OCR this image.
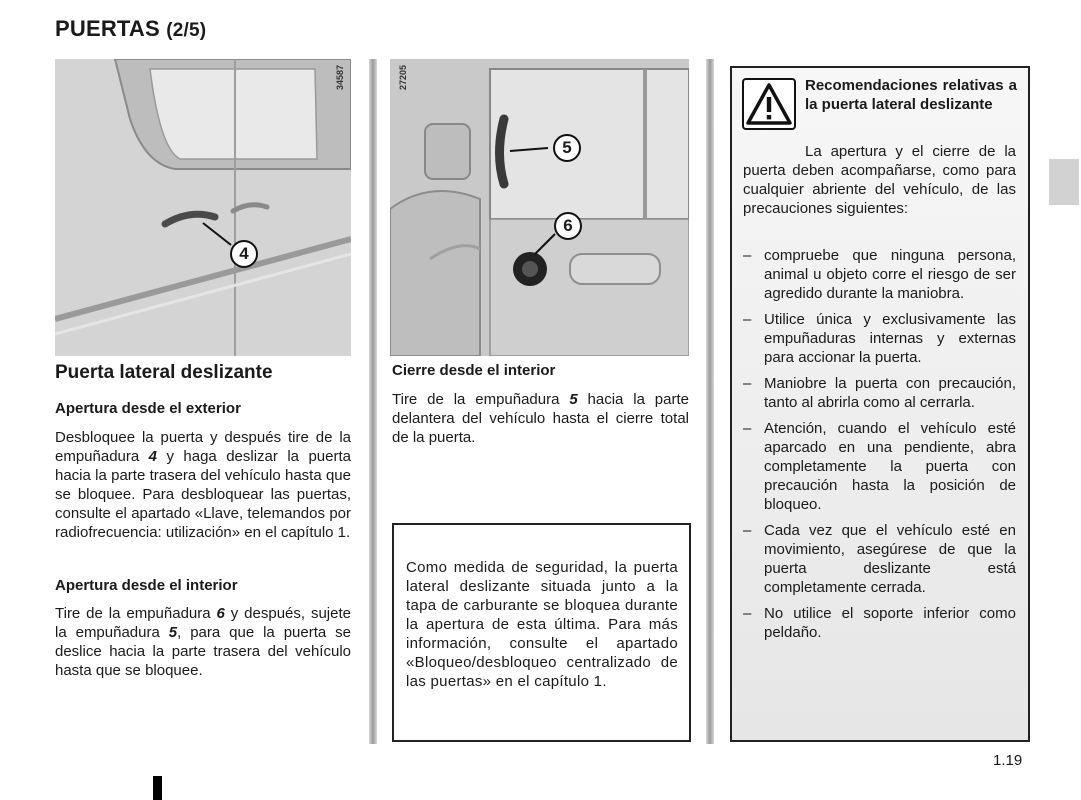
PUERTAS (2/5)
34587
4
27205
5
6
Puerta lateral deslizante
Apertura desde el exterior
Desbloquee la puerta y después tire de la empuñadura 4 y haga deslizar la puerta hacia la parte trasera del vehículo hasta que se bloquee. Para desbloquear las puertas, consulte el apartado «Llave, telemandos por radiofrecuencia: utilización» en el capítulo 1.
Apertura desde el interior
Tire de la empuñadura 6 y después, sujete la empuñadura 5, para que la puerta se deslice hacia la parte trasera del vehículo hasta que se bloquee.
Cierre desde el interior
Tire de la empuñadura 5 hacia la parte delantera del vehículo hasta el cierre total de la puerta.
Como medida de seguridad, la puerta lateral deslizante situada junto a la tapa de carburante se bloquea durante la apertura de esta última. Para más información, consulte el apartado «Bloqueo/desbloqueo centralizado de las puertas» en el capítulo 1.
Recomendaciones relativas a la puerta lateral deslizante
La apertura y el cierre de la puerta deben acompañarse, como para cualquier abriente del vehículo, de las precauciones siguientes:
– compruebe que ninguna persona, animal u objeto corre el riesgo de ser agredido durante la maniobra.
– Utilice única y exclusivamente las empuñaduras internas y externas para accionar la puerta.
– Maniobre la puerta con precaución, tanto al abrirla como al cerrarla.
– Atención, cuando el vehículo esté aparcado en una pendiente, abra completamente la puerta con precaución hasta la posición de bloqueo.
– Cada vez que el vehículo esté en movimiento, asegúrese de que la puerta deslizante está completamente cerrada.
– No utilice el soporte inferior como peldaño.
1.19
